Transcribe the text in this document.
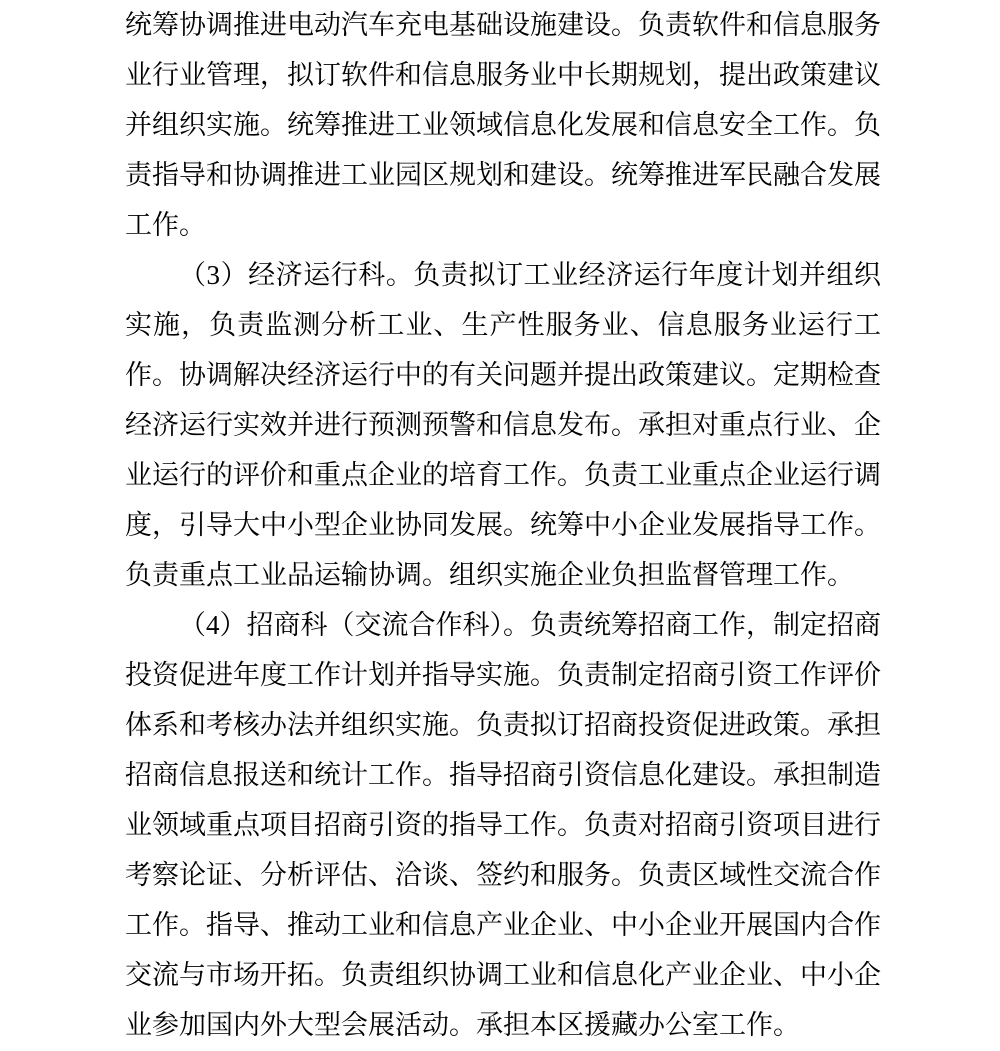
统筹协调推进电动汽车充电基础设施建设。负责软件和信息服务业行业管理，拟订软件和信息服务业中长期规划，提出政策建议并组织实施。统筹推进工业领域信息化发展和信息安全工作。负责指导和协调推进工业园区规划和建设。统筹推进军民融合发展工作。

（3）经济运行科。负责拟订工业经济运行年度计划并组织实施，负责监测分析工业、生产性服务业、信息服务业运行工作。协调解决经济运行中的有关问题并提出政策建议。定期检查经济运行实效并进行预测预警和信息发布。承担对重点行业、企业运行的评价和重点企业的培育工作。负责工业重点企业运行调度，引导大中小型企业协同发展。统筹中小企业发展指导工作。负责重点工业品运输协调。组织实施企业负担监督管理工作。

（4）招商科（交流合作科）。负责统筹招商工作，制定招商投资促进年度工作计划并指导实施。负责制定招商引资工作评价体系和考核办法并组织实施。负责拟订招商投资促进政策。承担招商信息报送和统计工作。指导招商引资信息化建设。承担制造业领域重点项目招商引资的指导工作。负责对招商引资项目进行考察论证、分析评估、洽谈、签约和服务。负责区域性交流合作工作。指导、推动工业和信息产业企业、中小企业开展国内合作交流与市场开拓。负责组织协调工业和信息化产业企业、中小企业参加国内外大型会展活动。承担本区援藏办公室工作。
